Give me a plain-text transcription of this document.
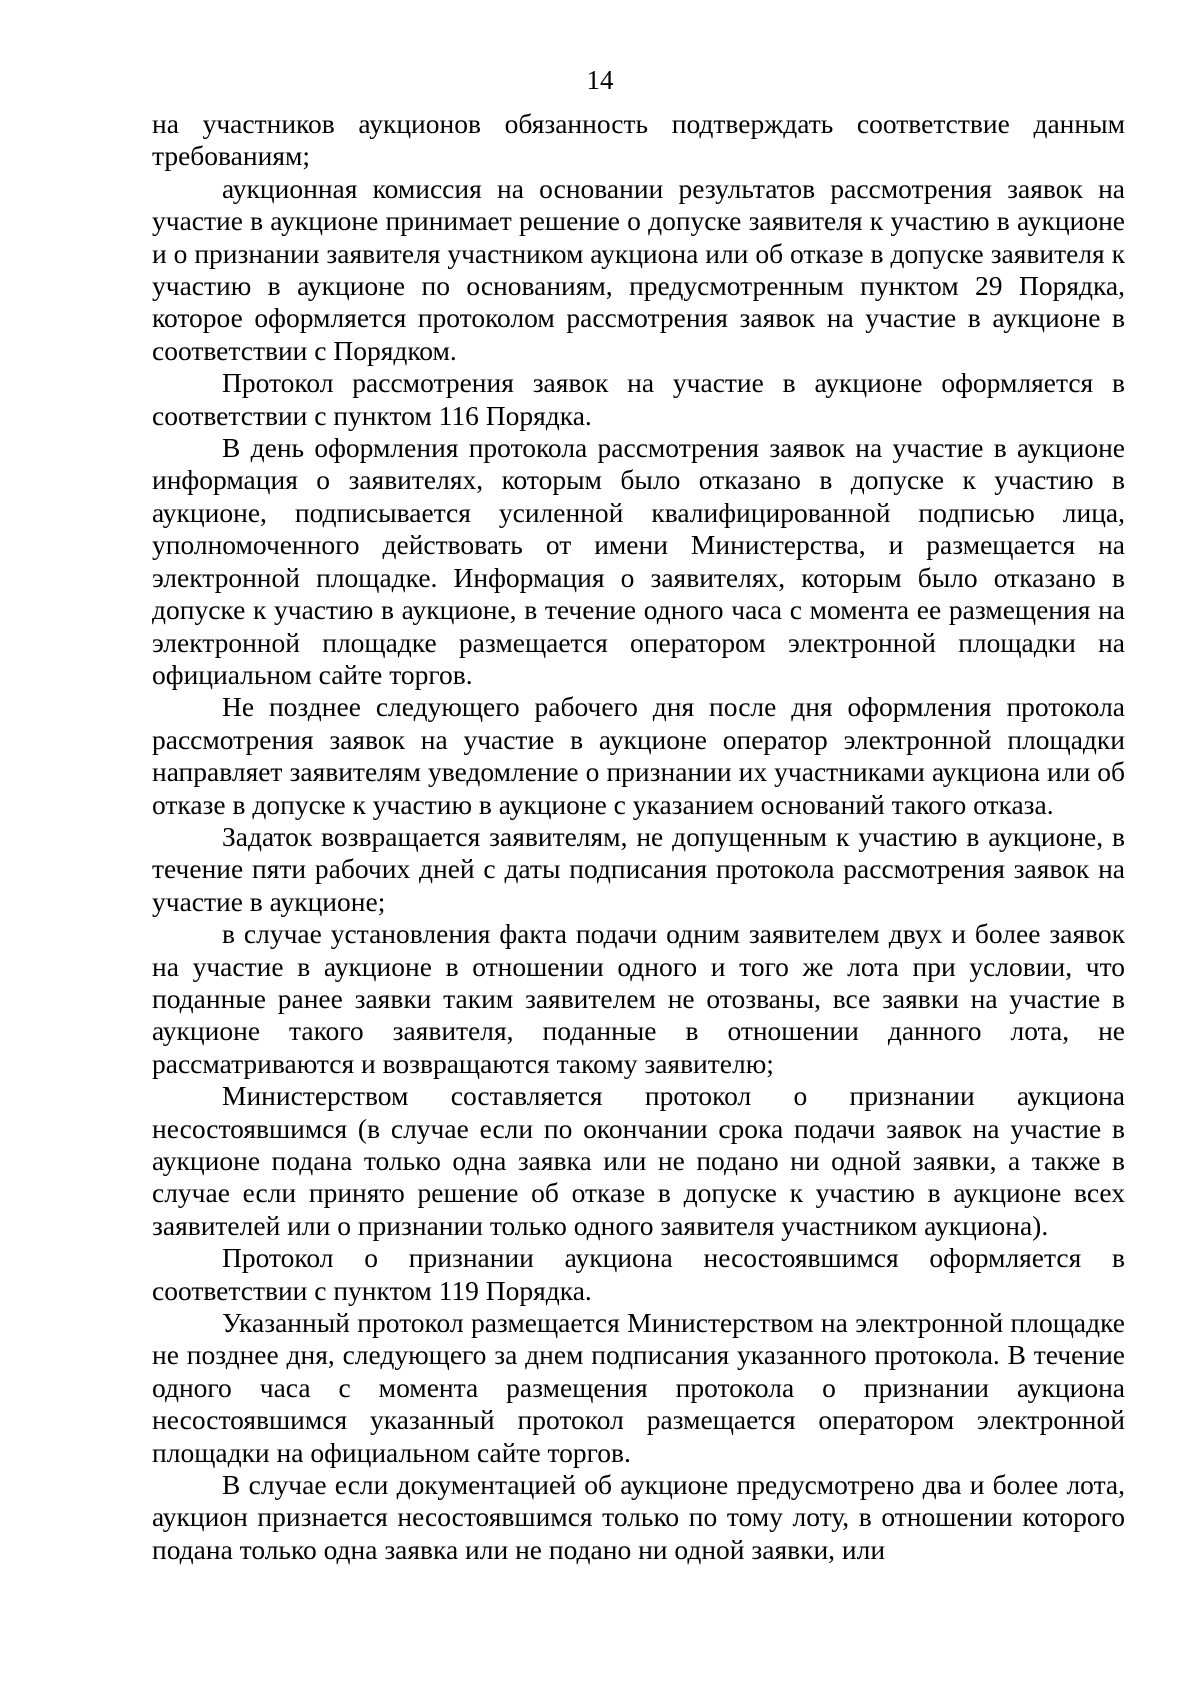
14

на участников аукционов обязанность подтверждать соответствие данным требованиям;

аукционная комиссия на основании результатов рассмотрения заявок на участие в аукционе принимает решение о допуске заявителя к участию в аукционе и о признании заявителя участником аукциона или об отказе в допуске заявителя к участию в аукционе по основаниям, предусмотренным пунктом 29 Порядка, которое оформляется протоколом рассмотрения заявок на участие в аукционе в соответствии с Порядком.

Протокол рассмотрения заявок на участие в аукционе оформляется в соответствии с пунктом 116 Порядка.

В день оформления протокола рассмотрения заявок на участие в аукционе информация о заявителях, которым было отказано в допуске к участию в аукционе, подписывается усиленной квалифицированной подписью лица, уполномоченного действовать от имени Министерства, и размещается на электронной площадке. Информация о заявителях, которым было отказано в допуске к участию в аукционе, в течение одного часа с момента ее размещения на электронной площадке размещается оператором электронной площадки на официальном сайте торгов.

Не позднее следующего рабочего дня после дня оформления протокола рассмотрения заявок на участие в аукционе оператор электронной площадки направляет заявителям уведомление о признании их участниками аукциона или об отказе в допуске к участию в аукционе с указанием оснований такого отказа.

Задаток возвращается заявителям, не допущенным к участию в аукционе, в течение пяти рабочих дней с даты подписания протокола рассмотрения заявок на участие в аукционе;

в случае установления факта подачи одним заявителем двух и более заявок на участие в аукционе в отношении одного и того же лота при условии, что поданные ранее заявки таким заявителем не отозваны, все заявки на участие в аукционе такого заявителя, поданные в отношении данного лота, не рассматриваются и возвращаются такому заявителю;

Министерством составляется протокол о признании аукциона несостоявшимся (в случае если по окончании срока подачи заявок на участие в аукционе подана только одна заявка или не подано ни одной заявки, а также в случае если принято решение об отказе в допуске к участию в аукционе всех заявителей или о признании только одного заявителя участником аукциона).

Протокол о признании аукциона несостоявшимся оформляется в соответствии с пунктом 119 Порядка.

Указанный протокол размещается Министерством на электронной площадке не позднее дня, следующего за днем подписания указанного протокола. В течение одного часа с момента размещения протокола о признании аукциона несостоявшимся указанный протокол размещается оператором электронной площадки на официальном сайте торгов.

В случае если документацией об аукционе предусмотрено два и более лота, аукцион признается несостоявшимся только по тому лоту, в отношении которого подана только одна заявка или не подано ни одной заявки, или
